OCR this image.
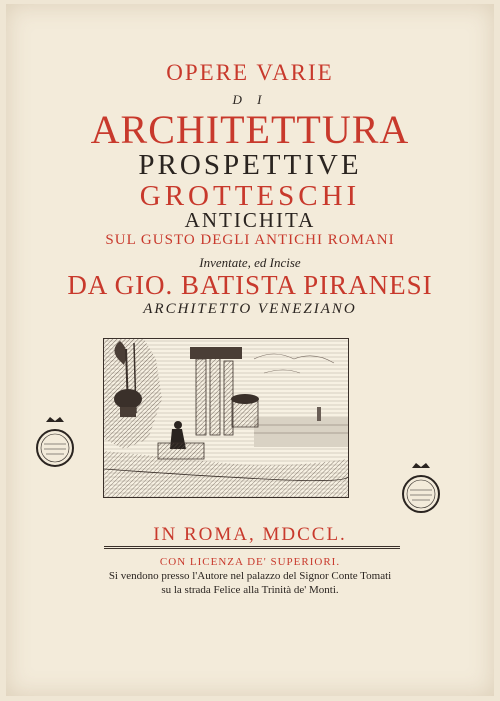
OPERE VARIE
D I
ARCHITETTURA
PROSPETTIVE
GROTTESCHI
ANTICHITA
SUL GUSTO DEGLI ANTICHI ROMANI
Inventate, ed Incise
DA GIO. BATISTA PIRANESI
ARCHITETTO VENEZIANO
IN ROMA, MDCCL.
CON LICENZA DE' SUPERIORI.
Si vendono presso l'Autore nel palazzo del Signor Conte Tomati
su la strada Felice alla Trinità de' Monti.
